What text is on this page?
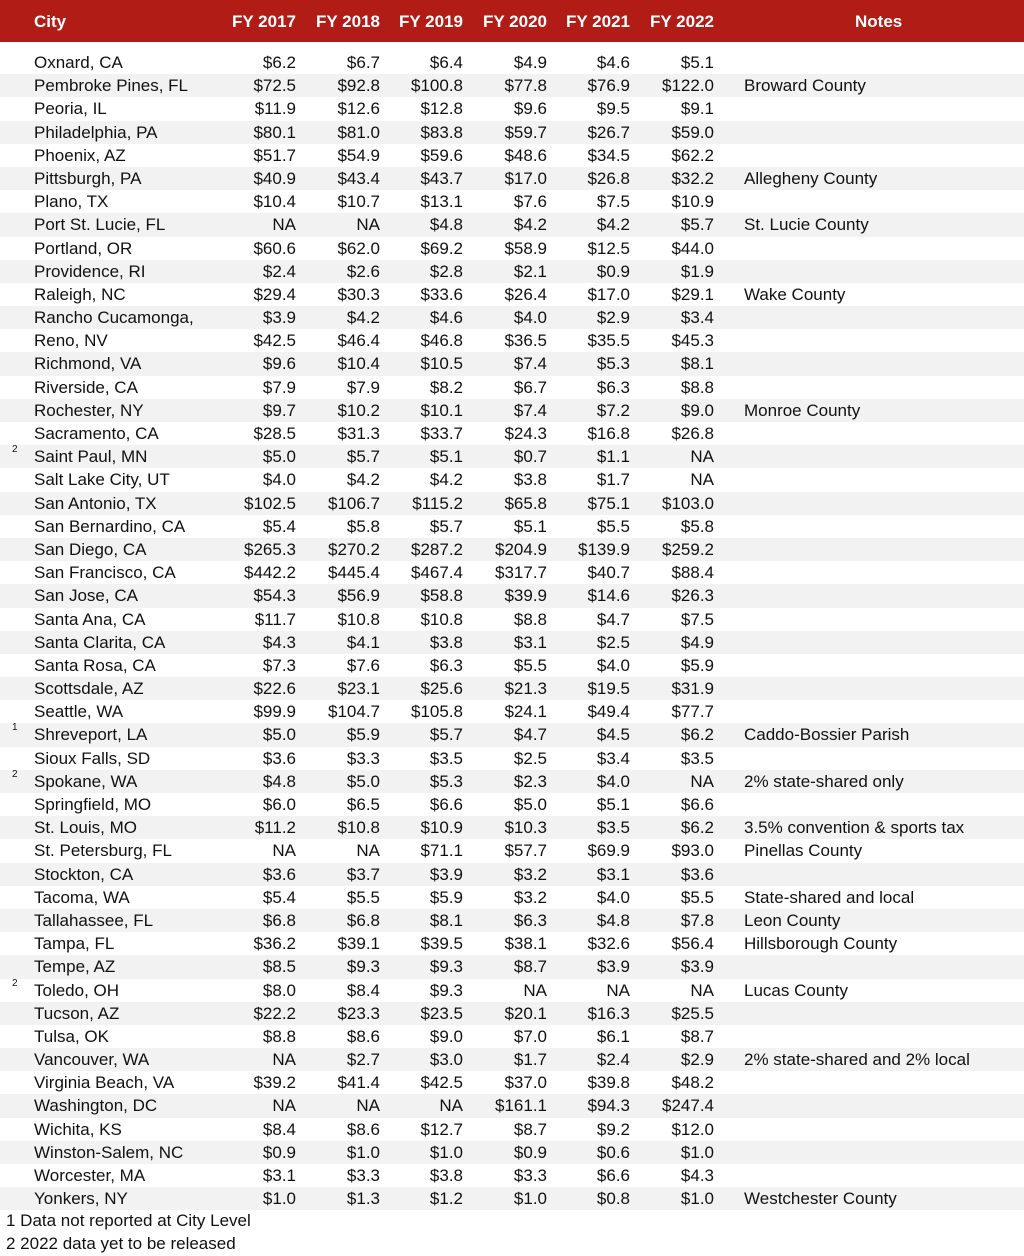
City	FY 2017	FY 2018	FY 2019	FY 2020	FY 2021	FY 2022	Notes
Oxnard, CA	$6.2	$6.7	$6.4	$4.9	$4.6	$5.1
Pembroke Pines, FL	$72.5	$92.8	$100.8	$77.8	$76.9	$122.0 Broward County
Peoria, IL	$11.9	$12.6	$12.8	$9.6	$9.5	$9.1
Philadelphia, PA	$80.1	$81.0	$83.8	$59.7	$26.7	$59.0
Phoenix, AZ	$51.7	$54.9	$59.6	$48.6	$34.5	$62.2
Pittsburgh, PA	$40.9	$43.4	$43.7	$17.0	$26.8	$32.2 Allegheny County
Plano, TX	$10.4	$10.7	$13.1	$7.6	$7.5	$10.9
Port St. Lucie, FL	NA	NA	$4.8	$4.2	$4.2	$5.7 St. Lucie County
Portland, OR	$60.6	$62.0	$69.2	$58.9	$12.5	$44.0
Providence, RI	$2.4	$2.6	$2.8	$2.1	$0.9	$1.9
Raleigh, NC	$29.4	$30.3	$33.6	$26.4	$17.0	$29.1 Wake County
Rancho Cucamonga,	$3.9	$4.2	$4.6	$4.0	$2.9	$3.4
Reno, NV	$42.5	$46.4	$46.8	$36.5	$35.5	$45.3
Richmond, VA	$9.6	$10.4	$10.5	$7.4	$5.3	$8.1
Riverside, CA	$7.9	$7.9	$8.2	$6.7	$6.3	$8.8
Rochester, NY	$9.7	$10.2	$10.1	$7.4	$7.2	$9.0 Monroe County
Sacramento, CA	$28.5	$31.3	$33.7	$24.3	$16.8	$26.8
2 Saint Paul, MN	$5.0	$5.7	$5.1	$0.7	$1.1	NA
Salt Lake City, UT	$4.0	$4.2	$4.2	$3.8	$1.7	NA
San Antonio, TX	$102.5	$106.7	$115.2	$65.8	$75.1	$103.0
San Bernardino, CA	$5.4	$5.8	$5.7	$5.1	$5.5	$5.8
San Diego, CA	$265.3	$270.2	$287.2	$204.9	$139.9	$259.2
San Francisco, CA	$442.2	$445.4	$467.4	$317.7	$40.7	$88.4
San Jose, CA	$54.3	$56.9	$58.8	$39.9	$14.6	$26.3
Santa Ana, CA	$11.7	$10.8	$10.8	$8.8	$4.7	$7.5
Santa Clarita, CA	$4.3	$4.1	$3.8	$3.1	$2.5	$4.9
Santa Rosa, CA	$7.3	$7.6	$6.3	$5.5	$4.0	$5.9
Scottsdale, AZ	$22.6	$23.1	$25.6	$21.3	$19.5	$31.9
Seattle, WA	$99.9	$104.7	$105.8	$24.1	$49.4	$77.7
1 Shreveport, LA	$5.0	$5.9	$5.7	$4.7	$4.5	$6.2 Caddo-Bossier Parish
Sioux Falls, SD	$3.6	$3.3	$3.5	$2.5	$3.4	$3.5
2 Spokane, WA	$4.8	$5.0	$5.3	$2.3	$4.0	NA 2% state-shared only
Springfield, MO	$6.0	$6.5	$6.6	$5.0	$5.1	$6.6
St. Louis, MO	$11.2	$10.8	$10.9	$10.3	$3.5	$6.2 3.5% convention & sports tax
St. Petersburg, FL	NA	NA	$71.1	$57.7	$69.9	$93.0 Pinellas County
Stockton, CA	$3.6	$3.7	$3.9	$3.2	$3.1	$3.6
Tacoma, WA	$5.4	$5.5	$5.9	$3.2	$4.0	$5.5 State-shared and local
Tallahassee, FL	$6.8	$6.8	$8.1	$6.3	$4.8	$7.8 Leon County
Tampa, FL	$36.2	$39.1	$39.5	$38.1	$32.6	$56.4 Hillsborough County
Tempe, AZ	$8.5	$9.3	$9.3	$8.7	$3.9	$3.9
2 Toledo, OH	$8.0	$8.4	$9.3	NA	NA	NA Lucas County
Tucson, AZ	$22.2	$23.3	$23.5	$20.1	$16.3	$25.5
Tulsa, OK	$8.8	$8.6	$9.0	$7.0	$6.1	$8.7
Vancouver, WA	NA	$2.7	$3.0	$1.7	$2.4	$2.9 2% state-shared and 2% local
Virginia Beach, VA	$39.2	$41.4	$42.5	$37.0	$39.8	$48.2
Washington, DC	NA	NA	NA	$161.1	$94.3	$247.4
Wichita, KS	$8.4	$8.6	$12.7	$8.7	$9.2	$12.0
Winston-Salem, NC	$0.9	$1.0	$1.0	$0.9	$0.6	$1.0
Worcester, MA	$3.1	$3.3	$3.8	$3.3	$6.6	$4.3
Yonkers, NY	$1.0	$1.3	$1.2	$1.0	$0.8	$1.0 Westchester County
1 Data not reported at City Level
2 2022 data yet to be released
